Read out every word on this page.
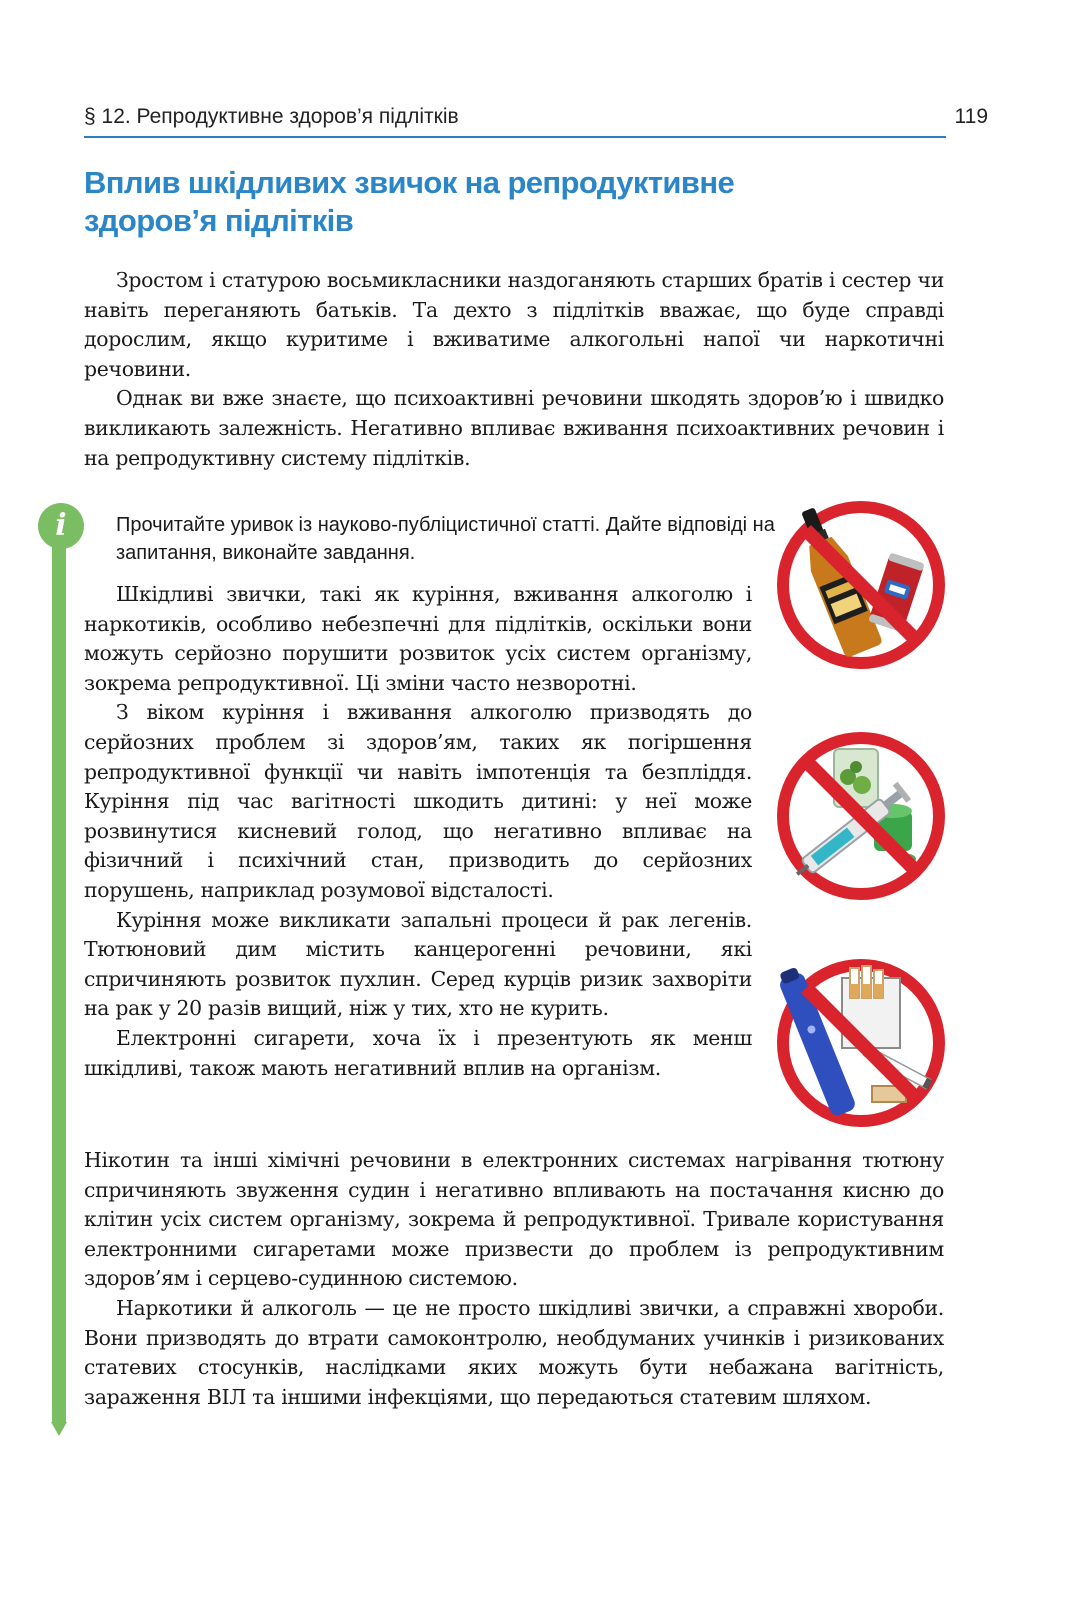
§ 12. Репродуктивне здоров’я підлітків	119
Вплив шкідливих звичок на репродуктивне
здоров’я підлітків

Зростом і статурою восьмикласники наздоганяють старших братів і сестер чи навіть переганяють батьків. Та дехто з підлітків вважає, що буде справді дорослим, якщо куритиме і вживатиме алкогольні напої чи наркотичні речовини.

Однак ви вже знаєте, що психоактивні речовини шкодять здоров’ю і швидко викликають залежність. Негативно впливає вживання психоактивних речовин і на репродуктивну систему підлітків.

i	Прочитайте уривок із науково-публіцистичної статті. Дайте відповіді на запитання, виконайте завдання.

Шкідливі звички, такі як куріння, вживання алкоголю і наркотиків, особливо небезпечні для підлітків, оскільки вони можуть серйозно порушити розвиток усіх систем організму, зокрема репродуктивної. Ці зміни часто незворотні.

З віком куріння і вживання алкоголю призводять до серйозних проблем зі здоров’ям, таких як погіршення репродуктивної функції чи навіть імпотенція та безпліддя. Куріння під час вагітності шкодить дитині: у неї може розвинутися кисневий голод, що негативно впливає на фізичний і психічний стан, призводить до серйозних порушень, наприклад розумової відсталості.

Куріння може викликати запальні процеси й рак легенів. Тютюновий дим містить канцерогенні речовини, які спричиняють розвиток пухлин. Серед курців ризик захворіти на рак у 20 разів вищий, ніж у тих, хто не курить.

Електронні сигарети, хоча їх і презентують як менш шкідливі, також мають негативний вплив на організм.

Нікотин та інші хімічні речовини в електронних системах нагрівання тютюну спричиняють звуження судин і негативно впливають на постачання кисню до клітин усіх систем організму, зокрема й репродуктивної. Тривале користування електронними сигаретами може призвести до проблем із репродуктивним здоров’ям і серцево-судинною системою.

Наркотики й алкоголь — це не просто шкідливі звички, а справжні хвороби. Вони призводять до втрати самоконтролю, необдуманих учинків і ризикованих статевих стосунків, наслідками яких можуть бути небажана вагітність, зараження ВІЛ та іншими інфекціями, що передаються статевим шляхом.
